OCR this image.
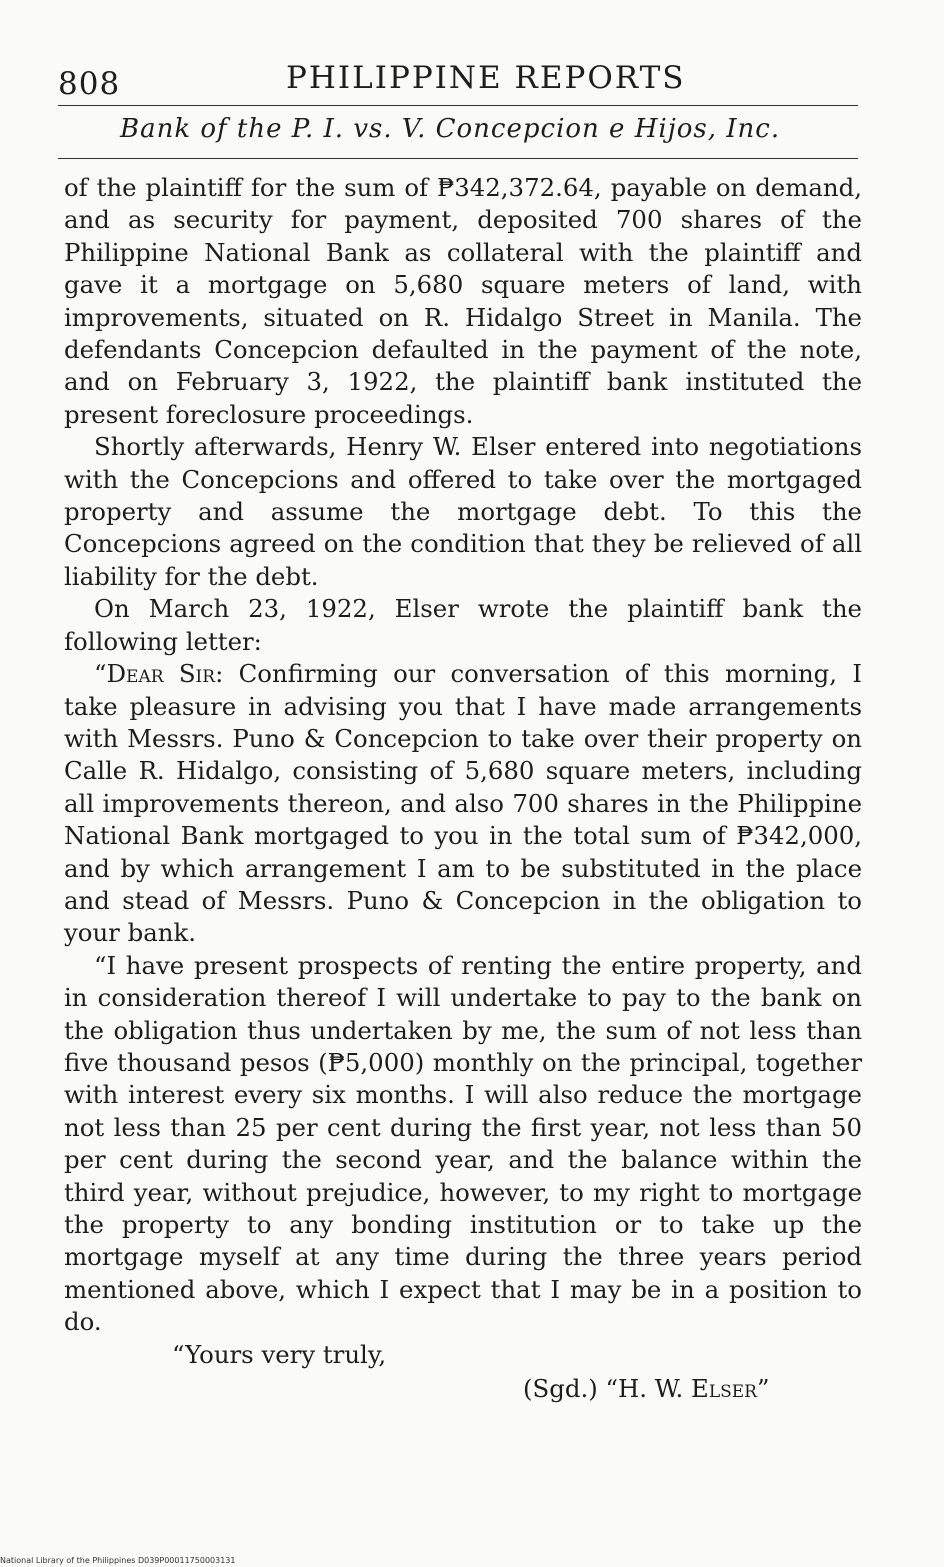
808	PHILIPPINE REPORTS
Bank of the P. I. vs. V. Concepcion e Hijos, Inc.

of the plaintiff for the sum of ₱342,372.64, payable on demand, and as security for payment, deposited 700 shares of the Philippine National Bank as collateral with the plaintiff and gave it a mortgage on 5,680 square meters of land, with improvements, situated on R. Hidalgo Street in Manila. The defendants Concepcion defaulted in the payment of the note, and on February 3, 1922, the plaintiff bank instituted the present foreclosure proceedings.

Shortly afterwards, Henry W. Elser entered into negotiations with the Concepcions and offered to take over the mortgaged property and assume the mortgage debt. To this the Concepcions agreed on the condition that they be relieved of all liability for the debt.

On March 23, 1922, Elser wrote the plaintiff bank the following letter:

“Dear Sir: Confirming our conversation of this morning, I take pleasure in advising you that I have made arrangements with Messrs. Puno & Concepcion to take over their property on Calle R. Hidalgo, consisting of 5,680 square meters, including all improvements thereon, and also 700 shares in the Philippine National Bank mortgaged to you in the total sum of ₱342,000, and by which arrangement I am to be substituted in the place and stead of Messrs. Puno & Concepcion in the obligation to your bank.

“I have present prospects of renting the entire property, and in consideration thereof I will undertake to pay to the bank on the obligation thus undertaken by me, the sum of not less than five thousand pesos (₱5,000) monthly on the principal, together with interest every six months. I will also reduce the mortgage not less than 25 per cent during the first year, not less than 50 per cent during the second year, and the balance within the third year, without prejudice, however, to my right to mortgage the property to any bonding institution or to take up the mortgage myself at any time during the three years period mentioned above, which I expect that I may be in a position to do.

“Yours very truly,
(Sgd.) “H. W. Elser”
National Library of the Philippines D039P00011750003131
